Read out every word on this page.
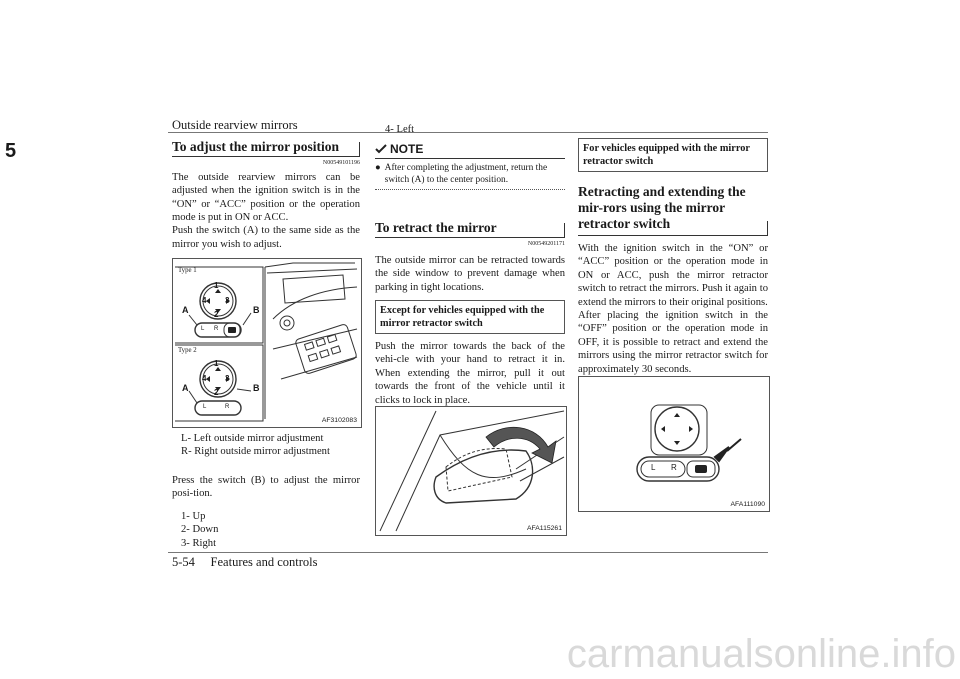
Outside rearview mirrors
5
5-54 Features and controls
To adjust the mirror position
N00549101196
The outside rearview mirrors can be adjusted when the ignition switch is in the “ON” or “ACC” position or the operation mode is put in ON or ACC.
Push the switch (A) to the same side as the mirror you wish to adjust.
Type 1
Type 2
A	B
A	B
1
2
3
4
1
2
3
4
L R
L	R
AF3102083
L- Left outside mirror adjustment
R- Right outside mirror adjustment
Press the switch (B) to adjust the mirror posi-tion.
1- Up
2- Down
3- Right
4- Left
NOTE
● After completing the adjustment, return the switch (A) to the center position.
To retract the mirror
N00549201171
The outside mirror can be retracted towards the side window to prevent damage when parking in tight locations.
Except for vehicles equipped with the mirror retractor switch
Push the mirror towards the back of the vehi-cle with your hand to retract it in. When extending the mirror, pull it out towards the front of the vehicle until it clicks to lock in place.
AFA115261
For vehicles equipped with the mirror retractor switch
Retracting and extending the mir-rors using the mirror retractor switch
With the ignition switch in the “ON” or “ACC” position or the operation mode in ON or ACC, push the mirror retractor switch to retract the mirrors. Push it again to extend the mirrors to their original positions.
After placing the ignition switch in the “OFF” position or the operation mode in OFF, it is possible to retract and extend the mirrors using the mirror retractor switch for approximately 30 seconds.
L R
AFA111090
carmanualsonline.info
